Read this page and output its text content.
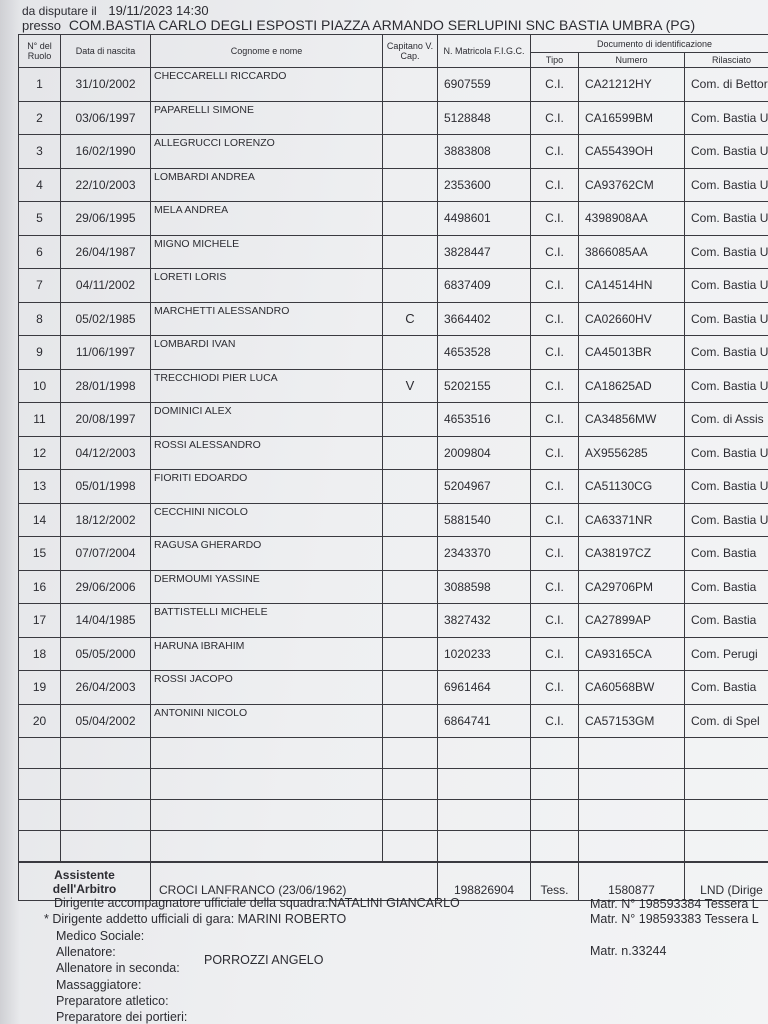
da disputare il 19/11/2023 14:30
presso COM.BASTIA CARLO DEGLI ESPOSTI PIAZZA ARMANDO SERLUPINI SNC BASTIA UMBRA (PG)
N° del Ruolo	Data di nascita	Cognome e nome	Capitano V. Cap.	N. Matricola F.I.G.C.	Documento di identificazione		
					Tipo	Numero	Rilasciato
1	31/10/2002	CHECCARELLI RICCARDO		6907559	C.I.	CA21212HY	Com. di Bettor
2	03/06/1997	PAPARELLI SIMONE		5128848	C.I.	CA16599BM	Com. Bastia U
3	16/02/1990	ALLEGRUCCI LORENZO		3883808	C.I.	CA55439OH	Com. Bastia U
4	22/10/2003	LOMBARDI ANDREA		2353600	C.I.	CA93762CM	Com. Bastia U
5	29/06/1995	MELA ANDREA		4498601	C.I.	4398908AA	Com. Bastia U
6	26/04/1987	MIGNO MICHELE		3828447	C.I.	3866085AA	Com. Bastia U
7	04/11/2002	LORETI LORIS		6837409	C.I.	CA14514HN	Com. Bastia U
8	05/02/1985	MARCHETTI ALESSANDRO	C	3664402	C.I.	CA02660HV	Com. Bastia U
9	11/06/1997	LOMBARDI IVAN		4653528	C.I.	CA45013BR	Com. Bastia U
10	28/01/1998	TRECCHIODI PIER LUCA	V	5202155	C.I.	CA18625AD	Com. Bastia U
11	20/08/1997	DOMINICI ALEX		4653516	C.I.	CA34856MW	Com. di Assis
12	04/12/2003	ROSSI ALESSANDRO		2009804	C.I.	AX9556285	Com. Bastia U
13	05/01/1998	FIORITI EDOARDO		5204967	C.I.	CA51130CG	Com. Bastia U
14	18/12/2002	CECCHINI NICOLO		5881540	C.I.	CA63371NR	Com. Bastia U
15	07/07/2004	RAGUSA GHERARDO		2343370	C.I.	CA38197CZ	Com. Bastia
16	29/06/2006	DERMOUMI YASSINE		3088598	C.I.	CA29706PM	Com. Bastia
17	14/04/1985	BATTISTELLI MICHELE		3827432	C.I.	CA27899AP	Com. Bastia
18	05/05/2000	HARUNA IBRAHIM		1020233	C.I.	CA93165CA	Com. Perugi
19	26/04/2003	ROSSI JACOPO		6961464	C.I.	CA60568BW	Com. Bastia
20	05/04/2002	ANTONINI NICOLO		6864741	C.I.	CA57153GM	Com. di Spel

Assistente dell'Arbitro		CROCI LANFRANCO (23/06/1962)		198826904	Tess.	1580877	LND (Dirige
Dirigente accompagnatore ufficiale della squadra:NATALINI GIANCARLO
* Dirigente addetto ufficiali di gara: MARINI ROBERTO
Medico Sociale:
Allenatore:
PORROZZI ANGELO
Allenatore in seconda:
Massaggiatore:
Preparatore atletico:
Preparatore dei portieri:
Matr. N° 198593384 Tessera L
Matr. N° 198593383 Tessera L
Matr. n.33244
